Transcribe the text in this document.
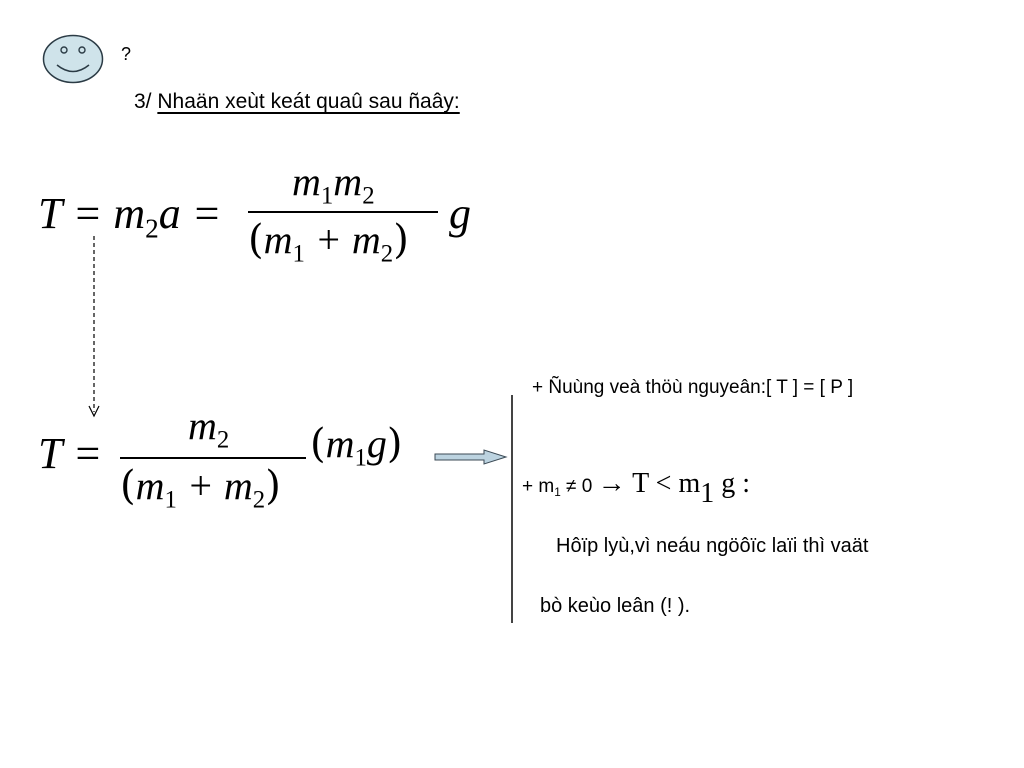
?
3/ Nhaän xeùt keát quaû sau ñaây:
$T = m_2a$ =
$m_1m_2$
$(m_1 + m_2)$
g
T =
$m_2$
$(m_1 + m_2)$
$(m_1g)$
+ Ñuùng veà thöù nguyeân:[ T ] = [ P ]
+ $m_1 \ne 0 \to T < m1$ g :
Hôïp lyù,vì neáu ngöôïc laïi thì vaät
bò keùo leân (! ).
